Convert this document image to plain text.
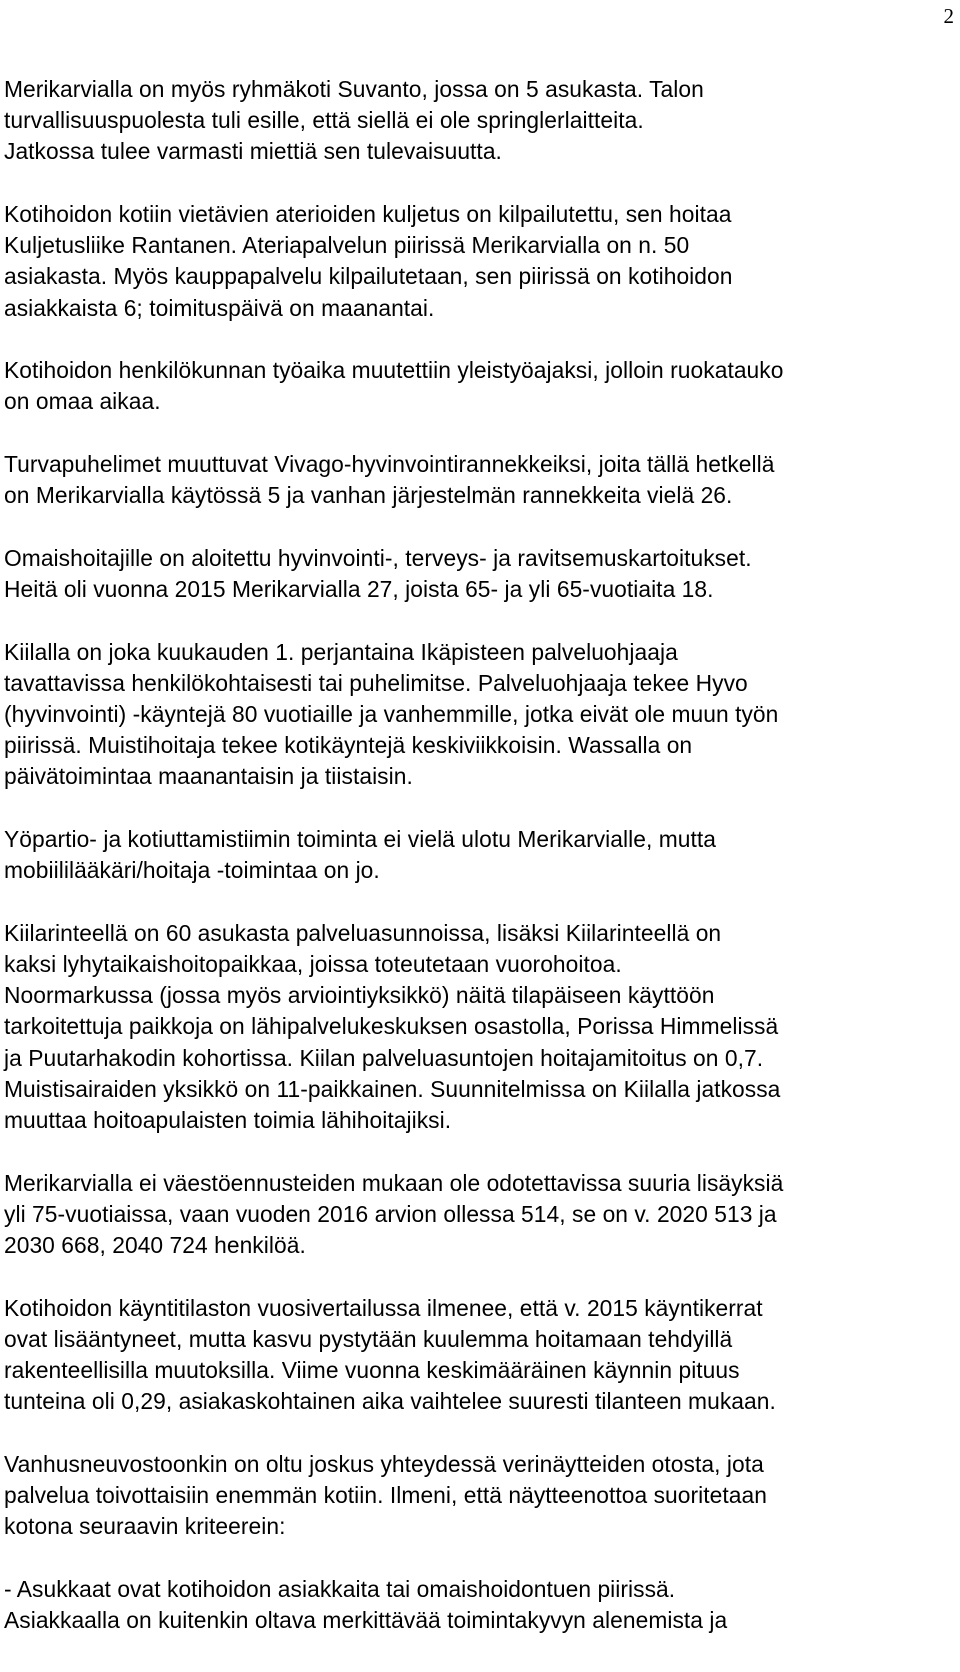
2

Merikarvialla on myös ryhmäkoti Suvanto, jossa on 5 asukasta. Talon
turvallisuuspuolesta tuli esille, että siellä ei ole springlerlaitteita.
Jatkossa tulee varmasti miettiä sen tulevaisuutta.

Kotihoidon kotiin vietävien aterioiden kuljetus on kilpailutettu, sen hoitaa
Kuljetusliike Rantanen. Ateriapalvelun piirissä Merikarvialla on n. 50
asiakasta. Myös kauppapalvelu kilpailutetaan, sen piirissä on kotihoidon
asiakkaista 6; toimituspäivä on maanantai.

Kotihoidon henkilökunnan työaika muutettiin yleistyöajaksi, jolloin ruokatauko
on omaa aikaa.

Turvapuhelimet muuttuvat Vivago-hyvinvointirannekkeiksi, joita tällä hetkellä
on Merikarvialla käytössä 5 ja vanhan järjestelmän rannekkeita vielä 26.

Omaishoitajille on aloitettu hyvinvointi-, terveys- ja ravitsemuskartoitukset.
Heitä oli vuonna 2015 Merikarvialla 27, joista 65- ja yli 65-vuotiaita 18.

Kiilalla on joka kuukauden 1. perjantaina Ikäpisteen palveluohjaaja
tavattavissa henkilökohtaisesti tai puhelimitse. Palveluohjaaja tekee Hyvo
(hyvinvointi) -käyntejä 80 vuotiaille ja vanhemmille, jotka eivät ole muun työn
piirissä. Muistihoitaja tekee kotikäyntejä keskiviikkoisin. Wassalla on
päivätoimintaa maanantaisin ja tiistaisin.

Yöpartio- ja kotiuttamistiimin toiminta ei vielä ulotu Merikarvialle, mutta
mobiililääkäri/hoitaja -toimintaa on jo.

Kiilarinteellä on 60 asukasta palveluasunnoissa, lisäksi Kiilarinteellä on
kaksi lyhytaikaishoitopaikkaa, joissa toteutetaan vuorohoitoa.
Noormarkussa (jossa myös arviointiyksikkö) näitä tilapäiseen käyttöön
tarkoitettuja paikkoja on lähipalvelukeskuksen osastolla, Porissa Himmelissä
ja Puutarhakodin kohortissa. Kiilan palveluasuntojen hoitajamitoitus on 0,7.
Muistisairaiden yksikkö on 11-paikkainen. Suunnitelmissa on Kiilalla jatkossa
muuttaa hoitoapulaisten toimia lähihoitajiksi.

Merikarvialla ei väestöennusteiden mukaan ole odotettavissa suuria lisäyksiä
yli 75-vuotiaissa, vaan vuoden 2016 arvion ollessa 514, se on v. 2020 513 ja
2030 668, 2040 724 henkilöä.

Kotihoidon käyntitilaston vuosivertailussa ilmenee, että v. 2015 käyntikerrat
ovat lisääntyneet, mutta kasvu pystytään kuulemma hoitamaan tehdyillä
rakenteellisilla muutoksilla. Viime vuonna keskimääräinen käynnin pituus
tunteina oli 0,29, asiakaskohtainen aika vaihtelee suuresti tilanteen mukaan.

Vanhusneuvostoonkin on oltu joskus yhteydessä verinäytteiden otosta, jota
palvelua toivottaisiin enemmän kotiin. Ilmeni, että näytteenottoa suoritetaan
kotona seuraavin kriteerein:

- Asukkaat ovat kotihoidon asiakkaita tai omaishoidontuen piirissä.
Asiakkaalla on kuitenkin oltava merkittävää toimintakyvyn alenemista ja
